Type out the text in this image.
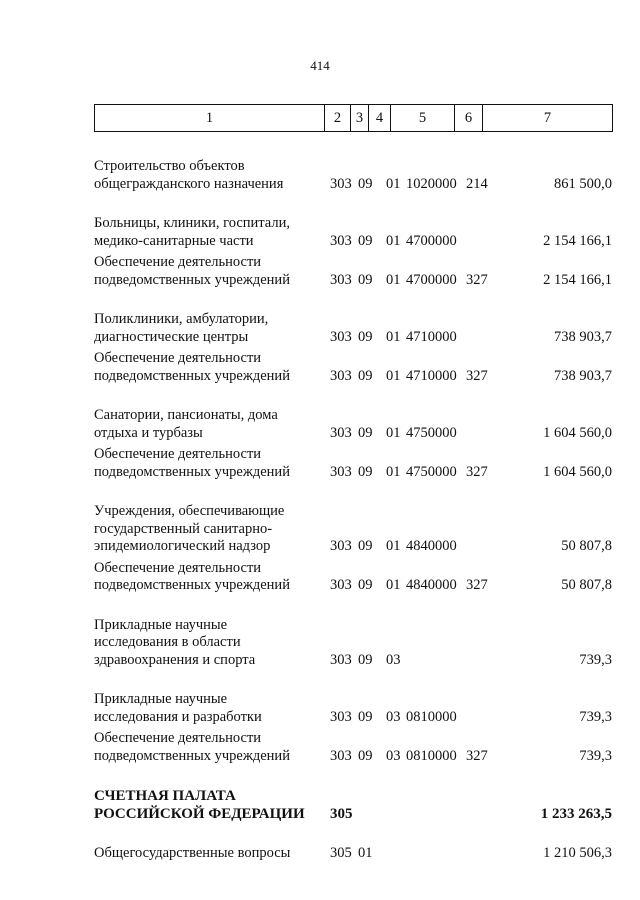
414
1	2	3	4	5	6	7
Строительство объектов
общегражданского назначения	303 09 01 1020000 214	861 500,0
Больницы, клиники, госпитали,
медико-санитарные части	303 09 01 4700000	2 154 166,1
Обеспечение деятельности
подведомственных учреждений	303 09 01 4700000 327	2 154 166,1
Поликлиники, амбулатории,
диагностические центры	303 09 01 4710000	738 903,7
Обеспечение деятельности
подведомственных учреждений	303 09 01 4710000 327	738 903,7
Санатории, пансионаты, дома
отдыха и турбазы	303 09 01 4750000	1 604 560,0
Обеспечение деятельности
подведомственных учреждений	303 09 01 4750000 327	1 604 560,0
Учреждения, обеспечивающие
государственный санитарно-
эпидемиологический надзор	303 09 01 4840000	50 807,8
Обеспечение деятельности
подведомственных учреждений	303 09 01 4840000 327	50 807,8
Прикладные научные
исследования в области
здравоохранения и спорта	303 09 03	739,3
Прикладные научные
исследования и разработки	303 09 03 0810000	739,3
Обеспечение деятельности
подведомственных учреждений	303 09 03 0810000 327	739,3
СЧЕТНАЯ ПАЛАТА
РОССИЙСКОЙ ФЕДЕРАЦИИ	305	1 233 263,5
Общегосударственные вопросы	305 01	1 210 506,3
